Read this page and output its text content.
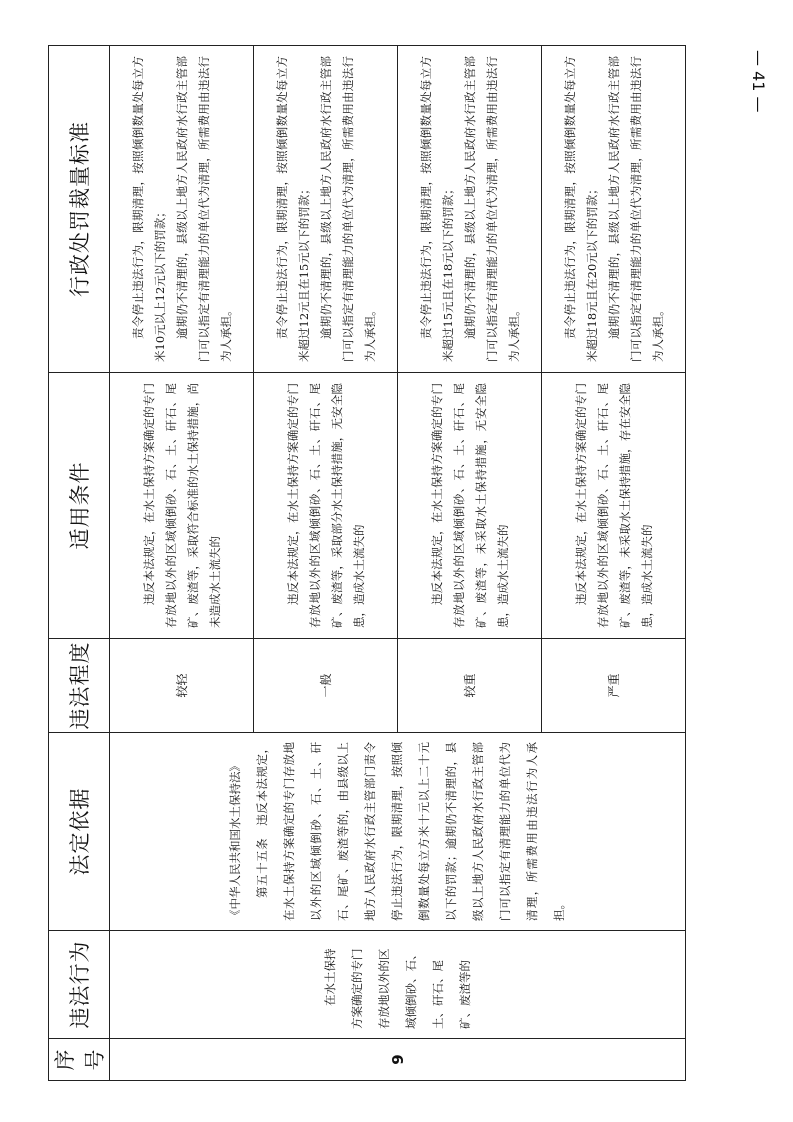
序号	违法行为	法定依据	违法程度	适用条件	行政处罚裁量标准
9	在水土保持方案确定的专门存放地以外的区域倾倒砂、石、土、矸石、尾矿、废渣等的	《中华人民共和国水土保持法》 第五十五条　违反本法规定，在水土保持方案确定的专门存放地以外的区域倾倒砂、石、土、矸石、尾矿、废渣等的，由县级以上地方人民政府水行政主管部门责令停止违法行为，限期清理，按照倾倒数量处每立方米十元以上二十元以下的罚款；逾期仍不清理的，县级以上地方人民政府水行政主管部门可以指定有清理能力的单位代为清理，所需费用由违法行为人承担。	较轻	违反本法规定，在水土保持方案确定的专门存放地以外的区域倾倒砂、石、土、矸石、尾矿、废渣等，采取符合标准的水土保持措施，尚未造成水土流失的	责令停止违法行为，限期清理，按照倾倒数量处每立方米10元以上12元以下的罚款； 逾期仍不清理的，县级以上地方人民政府水行政主管部门可以指定有清理能力的单位代为清理，所需费用由违法行为人承担。

			一般	违反本法规定，在水土保持方案确定的专门存放地以外的区域倾倒砂、石、土、矸石、尾矿、废渣等，采取部分水土保持措施，无安全隐患，造成水土流失的	责令停止违法行为，限期清理，按照倾倒数量处每立方米超过12元且在15元以下的罚款； 逾期仍不清理的，县级以上地方人民政府水行政主管部门可以指定有清理能力的单位代为清理，所需费用由违法行为人承担。

			较重	违反本法规定，在水土保持方案确定的专门存放地以外的区域倾倒砂、石、土、矸石、尾矿、废渣等，未采取水土保持措施，无安全隐患，造成水土流失的	责令停止违法行为，限期清理，按照倾倒数量处每立方米超过15元且在18元以下的罚款； 逾期仍不清理的，县级以上地方人民政府水行政主管部门可以指定有清理能力的单位代为清理，所需费用由违法行为人承担。

			严重	违反本法规定，在水土保持方案确定的专门存放地以外的区域倾倒砂、石、土、矸石、尾矿、废渣等，未采取水土保持措施，存在安全隐患，造成水土流失的	责令停止违法行为，限期清理，按照倾倒数量处每立方米超过18元且在20元以下的罚款； 逾期仍不清理的，县级以上地方人民政府水行政主管部门可以指定有清理能力的单位代为清理，所需费用由违法行为人承担。
— 41 —
